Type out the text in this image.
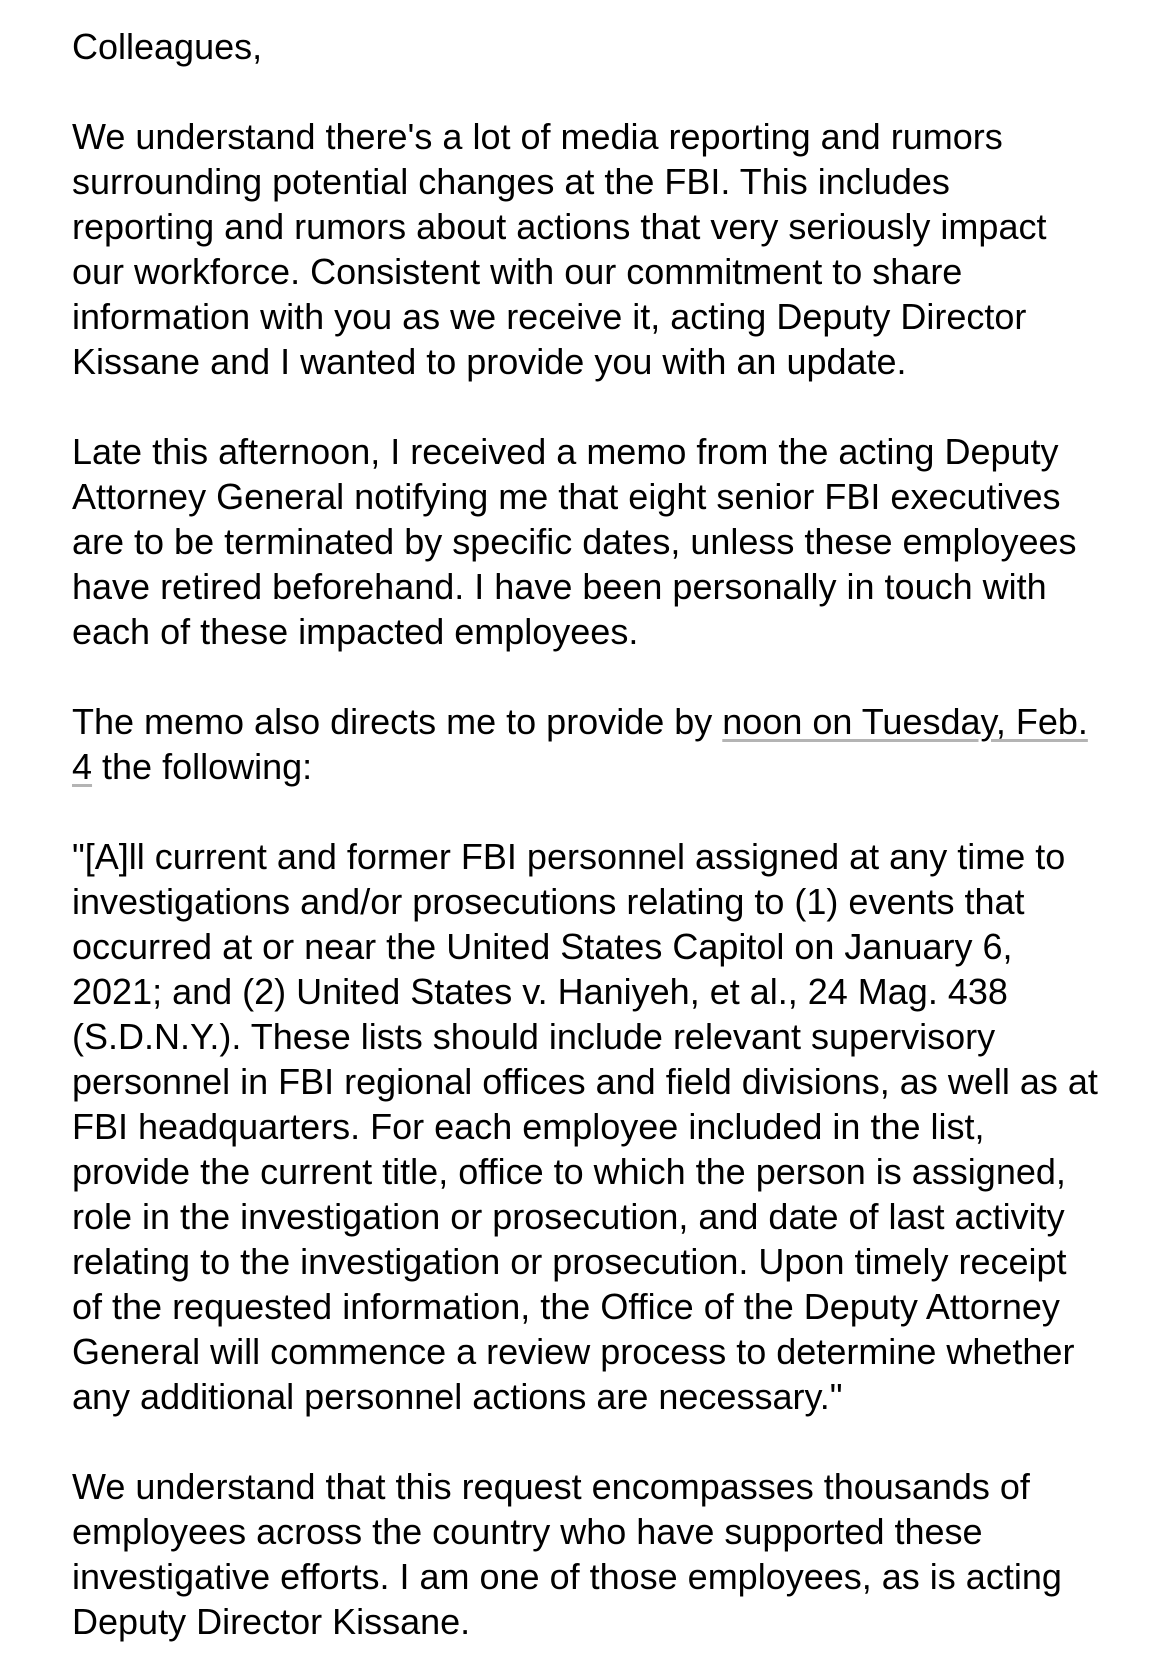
Colleagues,

We understand there's a lot of media reporting and rumors surrounding potential changes at the FBI. This includes reporting and rumors about actions that very seriously impact our workforce. Consistent with our commitment to share information with you as we receive it, acting Deputy Director Kissane and I wanted to provide you with an update.

Late this afternoon, I received a memo from the acting Deputy Attorney General notifying me that eight senior FBI executives are to be terminated by specific dates, unless these employees have retired beforehand. I have been personally in touch with each of these impacted employees.

The memo also directs me to provide by noon on Tuesday, Feb. 4 the following:

"[A]ll current and former FBI personnel assigned at any time to investigations and/or prosecutions relating to (1) events that occurred at or near the United States Capitol on January 6, 2021; and (2) United States v. Haniyeh, et al., 24 Mag. 438 (S.D.N.Y.). These lists should include relevant supervisory personnel in FBI regional offices and field divisions, as well as at FBI headquarters. For each employee included in the list, provide the current title, office to which the person is assigned, role in the investigation or prosecution, and date of last activity relating to the investigation or prosecution. Upon timely receipt of the requested information, the Office of the Deputy Attorney General will commence a review process to determine whether any additional personnel actions are necessary."

We understand that this request encompasses thousands of employees across the country who have supported these investigative efforts. I am one of those employees, as is acting Deputy Director Kissane.
